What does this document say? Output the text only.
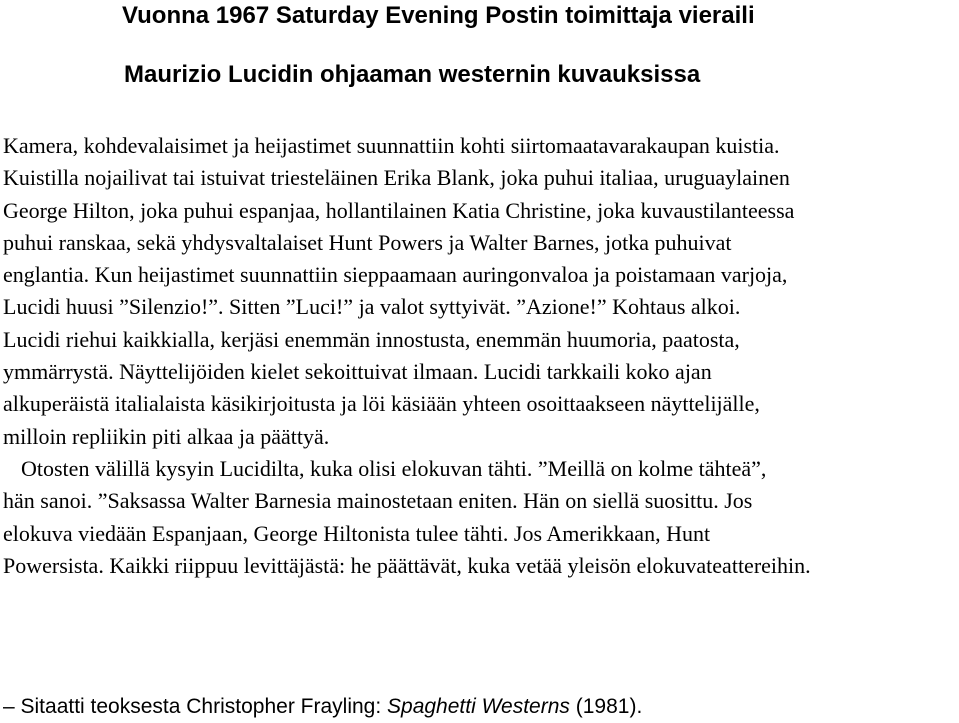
Vuonna 1967 Saturday Evening Postin toimittaja vieraili
Maurizio Lucidin ohjaaman westernin kuvauksissa

Kamera, kohdevalaisimet ja heijastimet suunnattiin kohti siirtomaatavarakaupan kuistia.
Kuistilla nojailivat tai istuivat triesteläinen Erika Blank, joka puhui italiaa, uruguaylainen
George Hilton, joka puhui espanjaa, hollantilainen Katia Christine, joka kuvaustilanteessa
puhui ranskaa, sekä yhdysvaltalaiset Hunt Powers ja Walter Barnes, jotka puhuivat
englantia. Kun heijastimet suunnattiin sieppaamaan auringonvaloa ja poistamaan varjoja,
Lucidi huusi ”Silenzio!”. Sitten ”Luci!” ja valot syttyivät. ”Azione!” Kohtaus alkoi.
Lucidi riehui kaikkialla, kerjäsi enemmän innostusta, enemmän huumoria, paatosta,
ymmärrystä. Näyttelijöiden kielet sekoittuivat ilmaan. Lucidi tarkkaili koko ajan
alkuperäistä italialaista käsikirjoitusta ja löi käsiään yhteen osoittaakseen näyttelijälle,
milloin repliikin piti alkaa ja päättyä.

Otosten välillä kysyin Lucidilta, kuka olisi elokuvan tähti. ”Meillä on kolme tähteä”,
hän sanoi. ”Saksassa Walter Barnesia mainostetaan eniten. Hän on siellä suosittu. Jos
elokuva viedään Espanjaan, George Hiltonista tulee tähti. Jos Amerikkaan, Hunt
Powersista. Kaikki riippuu levittäjästä: he päättävät, kuka vetää yleisön elokuvateattereihin.

– Sitaatti teoksesta Christopher Frayling: Spaghetti Westerns (1981).
